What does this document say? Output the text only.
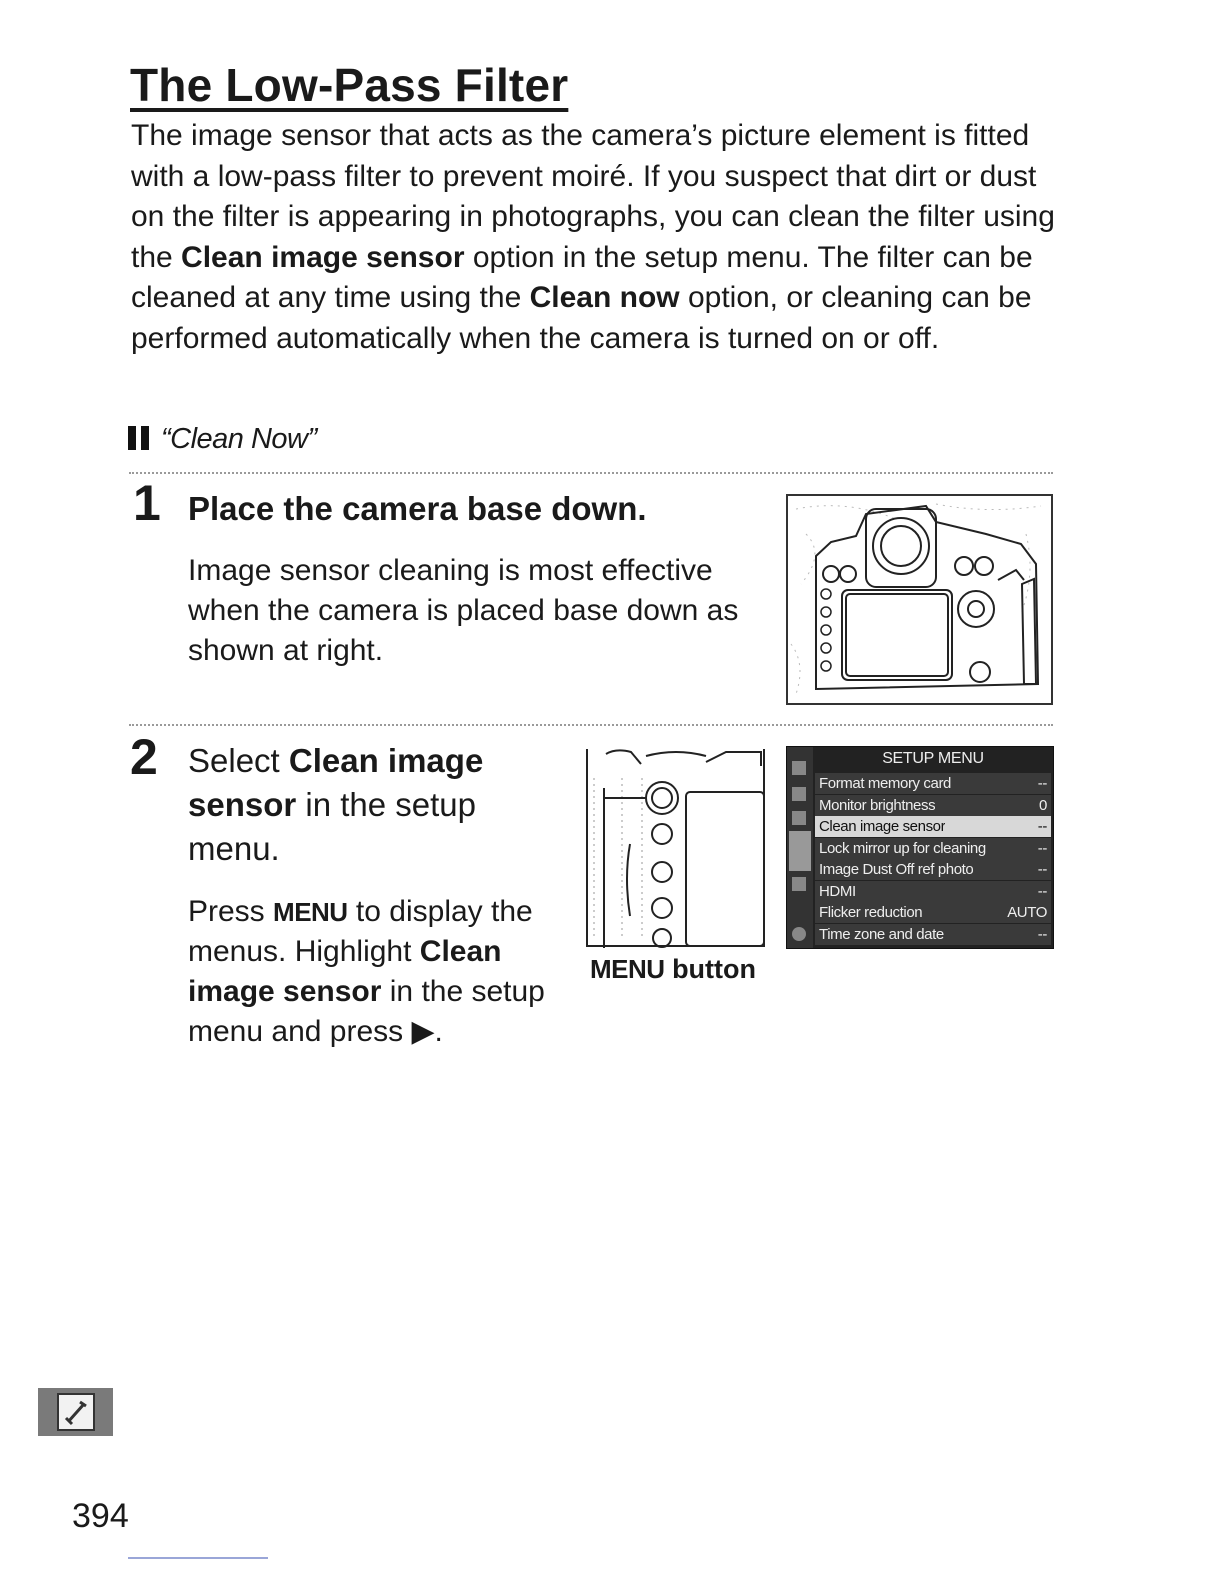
The Low-Pass Filter

The image sensor that acts as the camera’s picture element is fitted with a low-pass filter to prevent moiré. If you suspect that dirt or dust on the filter is appearing in photographs, you can clean the filter using the Clean image sensor option in the setup menu. The filter can be cleaned at any time using the Clean now option, or cleaning can be performed automatically when the camera is turned on or off.

“Clean Now”
1 Place the camera base down.

Image sensor cleaning is most effective when the camera is placed base down as shown at right.

2 Select Clean image sensor in the setup menu.

Press MENU to display the menus. Highlight Clean image sensor in the setup menu and press ▶.

MENU button
SETUP MENU
Format memory card	--
Monitor brightness	0
Clean image sensor	--
Lock mirror up for cleaning	--
Image Dust Off ref photo	--
HDMI	--
Flicker reduction	AUTO
Time zone and date	--
394
